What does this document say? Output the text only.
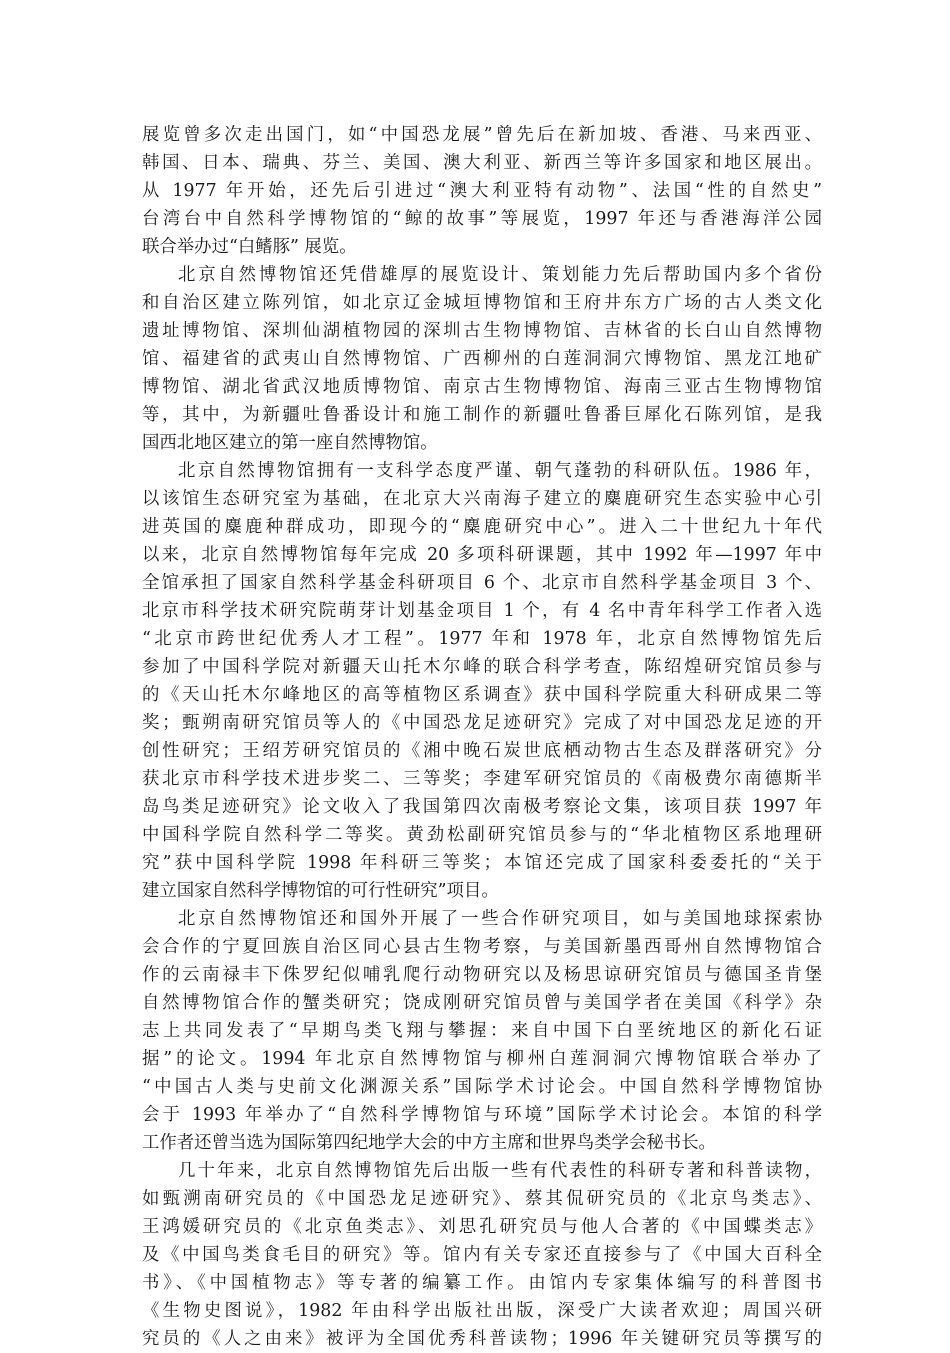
展览曾多次走出国门，如“中国恐龙展”曾先后在新加坡、香港、马来西亚、
韩国、日本、瑞典、芬兰、美国、澳大利亚、新西兰等许多国家和地区展出。
从 1977 年开始，还先后引进过“澳大利亚特有动物”、法国“性的自然史”
台湾台中自然科学博物馆的“鲸的故事”等展览，1997 年还与香港海洋公园
联合举办过“白鳍豚” 展览。
北京自然博物馆还凭借雄厚的展览设计、策划能力先后帮助国内多个省份
和自治区建立陈列馆，如北京辽金城垣博物馆和王府井东方广场的古人类文化
遗址博物馆、深圳仙湖植物园的深圳古生物博物馆、吉林省的长白山自然博物
馆、福建省的武夷山自然博物馆、广西柳州的白莲洞洞穴博物馆、黑龙江地矿
博物馆、湖北省武汉地质博物馆、南京古生物博物馆、海南三亚古生物博物馆
等，其中，为新疆吐鲁番设计和施工制作的新疆吐鲁番巨犀化石陈列馆，是我
国西北地区建立的第一座自然博物馆。
北京自然博物馆拥有一支科学态度严谨、朝气蓬勃的科研队伍。1986 年，
以该馆生态研究室为基础，在北京大兴南海子建立的麋鹿研究生态实验中心引
进英国的麋鹿种群成功，即现今的“麋鹿研究中心”。进入二十世纪九十年代
以来，北京自然博物馆每年完成 20 多项科研课题，其中 1992 年—1997 年中
全馆承担了国家自然科学基金科研项目 6 个、北京市自然科学基金项目 3 个、
北京市科学技术研究院萌芽计划基金项目 1 个，有 4 名中青年科学工作者入选
“北京市跨世纪优秀人才工程”。1977 年和 1978 年，北京自然博物馆先后
参加了中国科学院对新疆天山托木尔峰的联合科学考查，陈绍煌研究馆员参与
的《天山托木尔峰地区的高等植物区系调查》获中国科学院重大科研成果二等
奖；甄朔南研究馆员等人的《中国恐龙足迹研究》完成了对中国恐龙足迹的开
创性研究；王绍芳研究馆员的《湘中晚石炭世底栖动物古生态及群落研究》分
获北京市科学技术进步奖二、三等奖；李建军研究馆员的《南极费尔南德斯半
岛鸟类足迹研究》论文收入了我国第四次南极考察论文集，该项目获 1997 年
中国科学院自然科学二等奖。黄劲松副研究馆员参与的“华北植物区系地理研
究”获中国科学院 1998 年科研三等奖；本馆还完成了国家科委委托的“关于
建立国家自然科学博物馆的可行性研究”项目。
北京自然博物馆还和国外开展了一些合作研究项目，如与美国地球探索协
会合作的宁夏回族自治区同心县古生物考察，与美国新墨西哥州自然博物馆合
作的云南禄丰下侏罗纪似哺乳爬行动物研究以及杨思谅研究馆员与德国圣肯堡
自然博物馆合作的蟹类研究；饶成刚研究馆员曾与美国学者在美国《科学》杂
志上共同发表了“早期鸟类飞翔与攀握：来自中国下白垩统地区的新化石证
据”的论文。1994 年北京自然博物馆与柳州白莲洞洞穴博物馆联合举办了
“中国古人类与史前文化渊源关系”国际学术讨论会。中国自然科学博物馆协
会于 1993 年举办了“自然科学博物馆与环境”国际学术讨论会。本馆的科学
工作者还曾当选为国际第四纪地学大会的中方主席和世界鸟类学会秘书长。
几十年来，北京自然博物馆先后出版一些有代表性的科研专著和科普读物，
如甄溯南研究员的《中国恐龙足迹研究》、蔡其侃研究员的《北京鸟类志》、
王鸿媛研究员的《北京鱼类志》、刘思孔研究员与他人合著的《中国蝶类志》
及《中国鸟类食毛目的研究》等。馆内有关专家还直接参与了《中国大百科全
书》、《中国植物志》等专著的编纂工作。由馆内专家集体编写的科普图书
《生物史图说》，1982 年由科学出版社出版，深受广大读者欢迎；周国兴研
究员的《人之由来》被评为全国优秀科普读物；1996 年关键研究员等撰写的
